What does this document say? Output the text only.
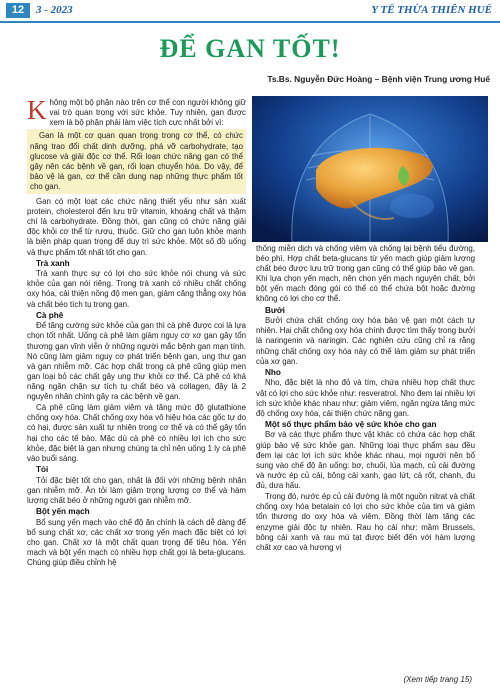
12	3 - 2023	Y TẾ THỪA THIÊN HUẾ
ĐỂ GAN TỐT!
Ts.Bs. Nguyễn Đức Hoàng – Bệnh viện Trung ương Huế

Không một bộ phận nào trên cơ thể con người không giữ vai trò quan trọng với sức khỏe. Tuy nhiên, gan được xem là bộ phận phải làm việc tích cực nhất bởi vì:

Gan là một cơ quan quan trọng trong cơ thể, có chức năng trao đổi chất dinh dưỡng, phá vỡ carbohydrate, tạo glucose và giải độc cơ thể. Rối loạn chức năng gan có thể gây nên các bệnh về gan, rối loạn chuyển hóa. Do vậy, để bảo vệ lá gan, cơ thể cần dung nạp những thực phẩm tốt cho gan.

Gan có một loạt các chức năng thiết yếu như sản xuất protein, cholesterol đến lưu trữ vitamin, khoáng chất và thậm chí là carbohydrate. Đồng thời, gan cũng có chức năng giải độc khỏi cơ thể từ rượu, thuốc. Giữ cho gan luôn khỏe mạnh là biện pháp quan trọng để duy trì sức khỏe. Một số đồ uống và thực phẩm tốt nhất tốt cho gan.

Trà xanh

Trà xanh thực sự có lợi cho sức khỏe nói chung và sức khỏe của gan nói riêng. Trong trà xanh có nhiều chất chống oxy hóa, cải thiện nồng độ men gan, giảm căng thẳng oxy hóa và chất béo tích tụ trong gan.

Cà phê

Để tăng cường sức khỏe của gan thì cà phê được coi là lựa chọn tốt nhất. Uống cà phê làm giảm nguy cơ xơ gan gây tổn thương gan vĩnh viễn ở những người mắc bệnh gan mạn tính. Nó cũng làm giảm nguy cơ phát triển bệnh gan, ung thư gan và gan nhiễm mỡ. Các hợp chất trong cà phê cũng giúp men gan loại bỏ các chất gây ung thư khỏi cơ thể. Cà phê có khả năng ngăn chặn sự tích tụ chất béo và collagen, đây là 2 nguyên nhân chính gây ra các bệnh về gan.

Cà phê cũng làm giảm viêm và tăng mức độ glutathione chống oxy hóa. Chất chống oxy hóa vô hiệu hóa các gốc tự do có hại, được sản xuất tự nhiên trong cơ thể và có thể gây tổn hại cho các tế bào. Mặc dù cà phê có nhiều lợi ích cho sức khỏe, đặc biệt là gan nhưng chúng ta chỉ nên uống 1 ly cà phê vào buổi sáng.

Tỏi

Tỏi đặc biệt tốt cho gan, nhất là đối với những bệnh nhân gan nhiễm mỡ. Ăn tỏi làm giảm trọng lượng cơ thể và hàm lượng chất béo ở những người gan nhiễm mỡ.

Bột yến mạch

Bổ sung yến mạch vào chế độ ăn chính là cách dễ dàng để bổ sung chất xơ, các chất xơ trong yến mạch đặc biệt có lợi cho gan. Chất xơ là một chất quan trọng để tiêu hóa. Yến mạch và bột yến mạch có nhiều hợp chất gọi là beta-glucans. Chúng giúp điều chỉnh hệ

thống miễn dịch và chống viêm và chống lại bệnh tiểu đường, béo phì. Hợp chất beta-glucans từ yến mạch giúp giảm lượng chất béo được lưu trữ trong gan cũng có thể giúp bảo vệ gan. Khi lựa chọn yến mạch, nên chọn yến mạch nguyên chất, bởi bột yến mạch đóng gói có thể có thể chứa bột hoặc đường không có lợi cho cơ thể.

Bưởi

Bưởi chứa chất chống oxy hóa bảo vệ gan một cách tự nhiên. Hai chất chống oxy hóa chính được tìm thấy trong bưởi là naringenin và naringin. Các nghiên cứu cũng chỉ ra rằng những chất chống oxy hóa này có thể làm giảm sự phát triển của xơ gan.

Nho

Nho, đặc biệt là nho đỏ và tím, chứa nhiều hợp chất thực vật có lợi cho sức khỏe như: resveratrol. Nho đem lại nhiều lợi ích sức khỏe khác nhau như: giảm viêm, ngăn ngừa tăng mức độ chống oxy hóa, cải thiện chức năng gan.

Một số thực phẩm bảo vệ sức khỏe cho gan

Bơ và các thực phẩm thực vật khác có chứa các hợp chất giúp bảo vệ sức khỏe gan. Những loại thực phẩm sau đều đem lại các lợi ích sức khỏe khác nhau, mọi người nên bổ sung vào chế độ ăn uống: bơ, chuối, lúa mạch, củ cải đường và nước ép củ cải, bông cải xanh, gạo lứt, cà rốt, chanh, đu đủ, dưa hấu.

Trong đó, nước ép củ cải đường là một nguồn nitrat và chất chống oxy hóa betalain có lợi cho sức khỏe của tim và giảm tổn thương do oxy hóa và viêm. Đồng thời làm tăng các enzyme giải độc tự nhiên. Rau họ cải như: mầm Brussels, bông cải xanh và rau mù tạt được biết đến với hàm lượng chất xơ cao và hương vị

(Xem tiếp trang 15)
